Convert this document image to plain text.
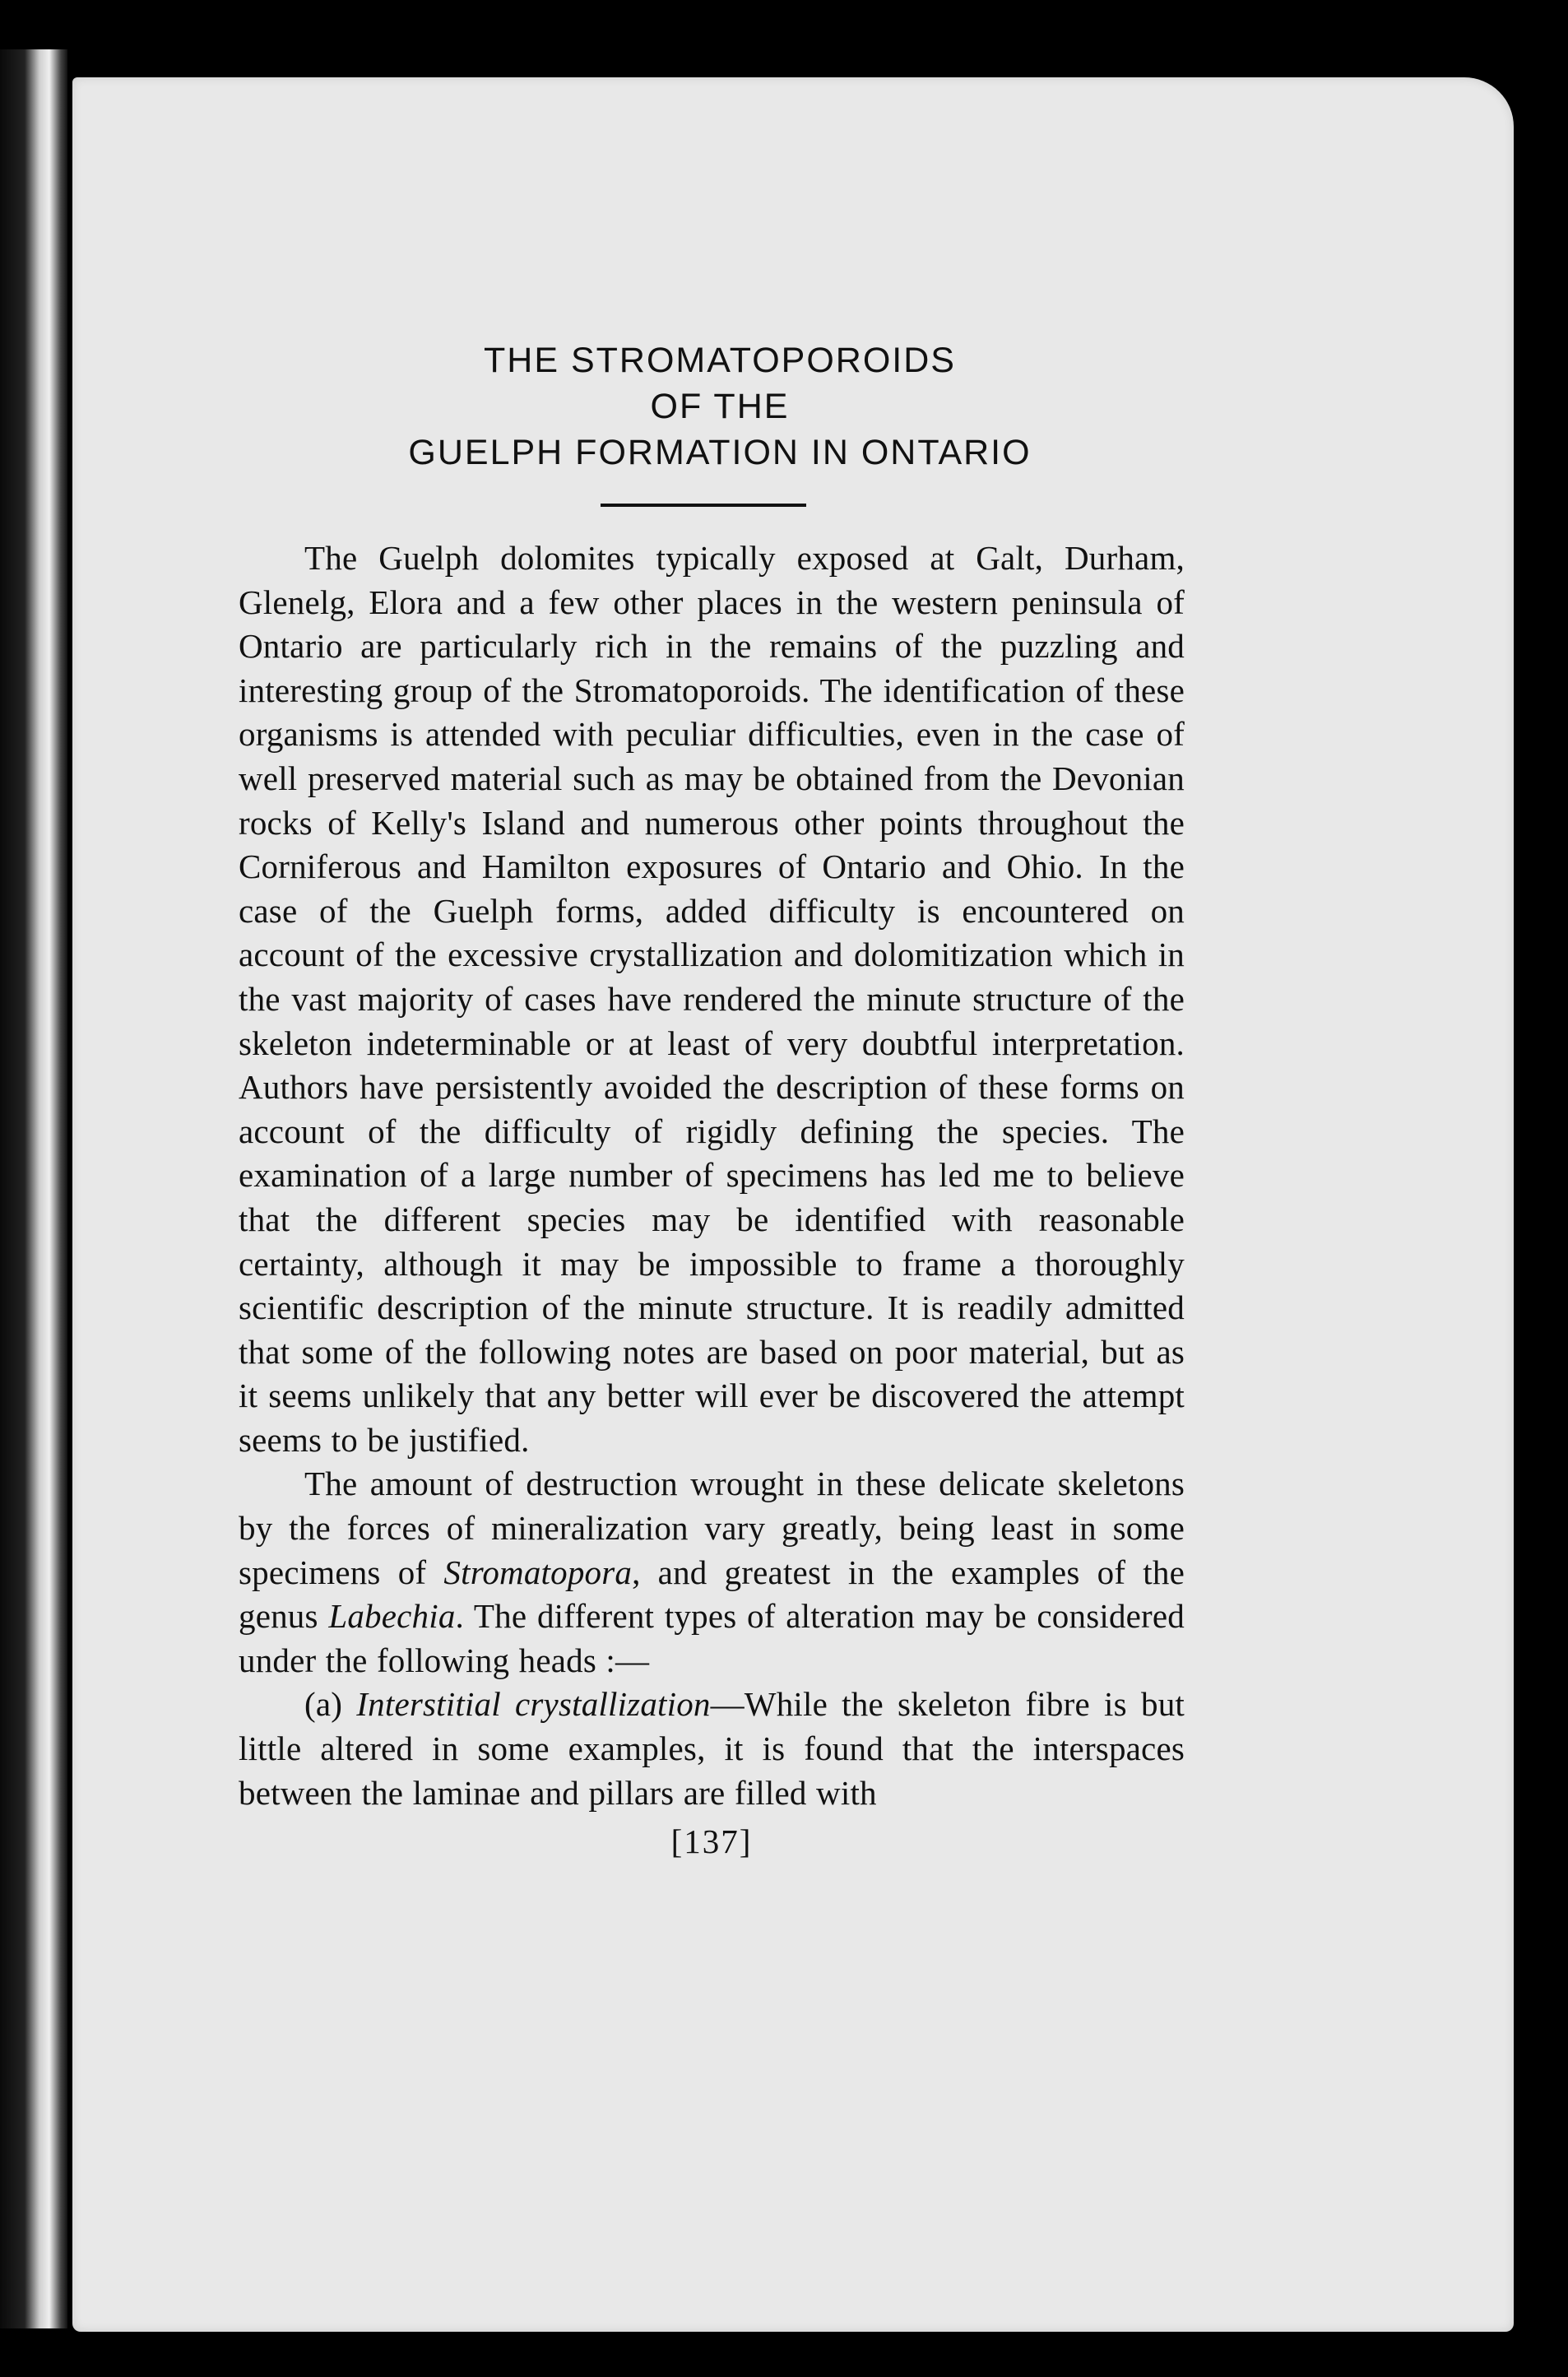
THE STROMATOPOROIDS
OF THE
GUELPH FORMATION IN ONTARIO

The Guelph dolomites typically exposed at Galt, Durham, Glenelg, Elora and a few other places in the western peninsula of Ontario are particularly rich in the remains of the puzzling and interesting group of the Stromatoporoids. The identification of these organisms is attended with peculiar difficulties, even in the case of well preserved material such as may be obtained from the Devonian rocks of Kelly's Island and numerous other points throughout the Corniferous and Hamilton exposures of Ontario and Ohio. In the case of the Guelph forms, added difficulty is encountered on account of the excessive crystallization and dolomitization which in the vast majority of cases have rendered the minute structure of the skeleton indeterminable or at least of very doubtful interpretation. Authors have persistently avoided the description of these forms on account of the difficulty of rigidly defining the species. The examination of a large number of specimens has led me to believe that the different species may be identified with reasonable certainty, although it may be impossible to frame a thoroughly scientific description of the minute structure. It is readily admitted that some of the following notes are based on poor material, but as it seems unlikely that any better will ever be discovered the attempt seems to be justified.

The amount of destruction wrought in these delicate skeletons by the forces of mineralization vary greatly, being least in some specimens of Stromatopora, and greatest in the examples of the genus Labechia. The different types of alteration may be considered under the following heads :—

(a) Interstitial crystallization—While the skeleton fibre is but little altered in some examples, it is found that the interspaces between the laminae and pillars are filled with

[137]
